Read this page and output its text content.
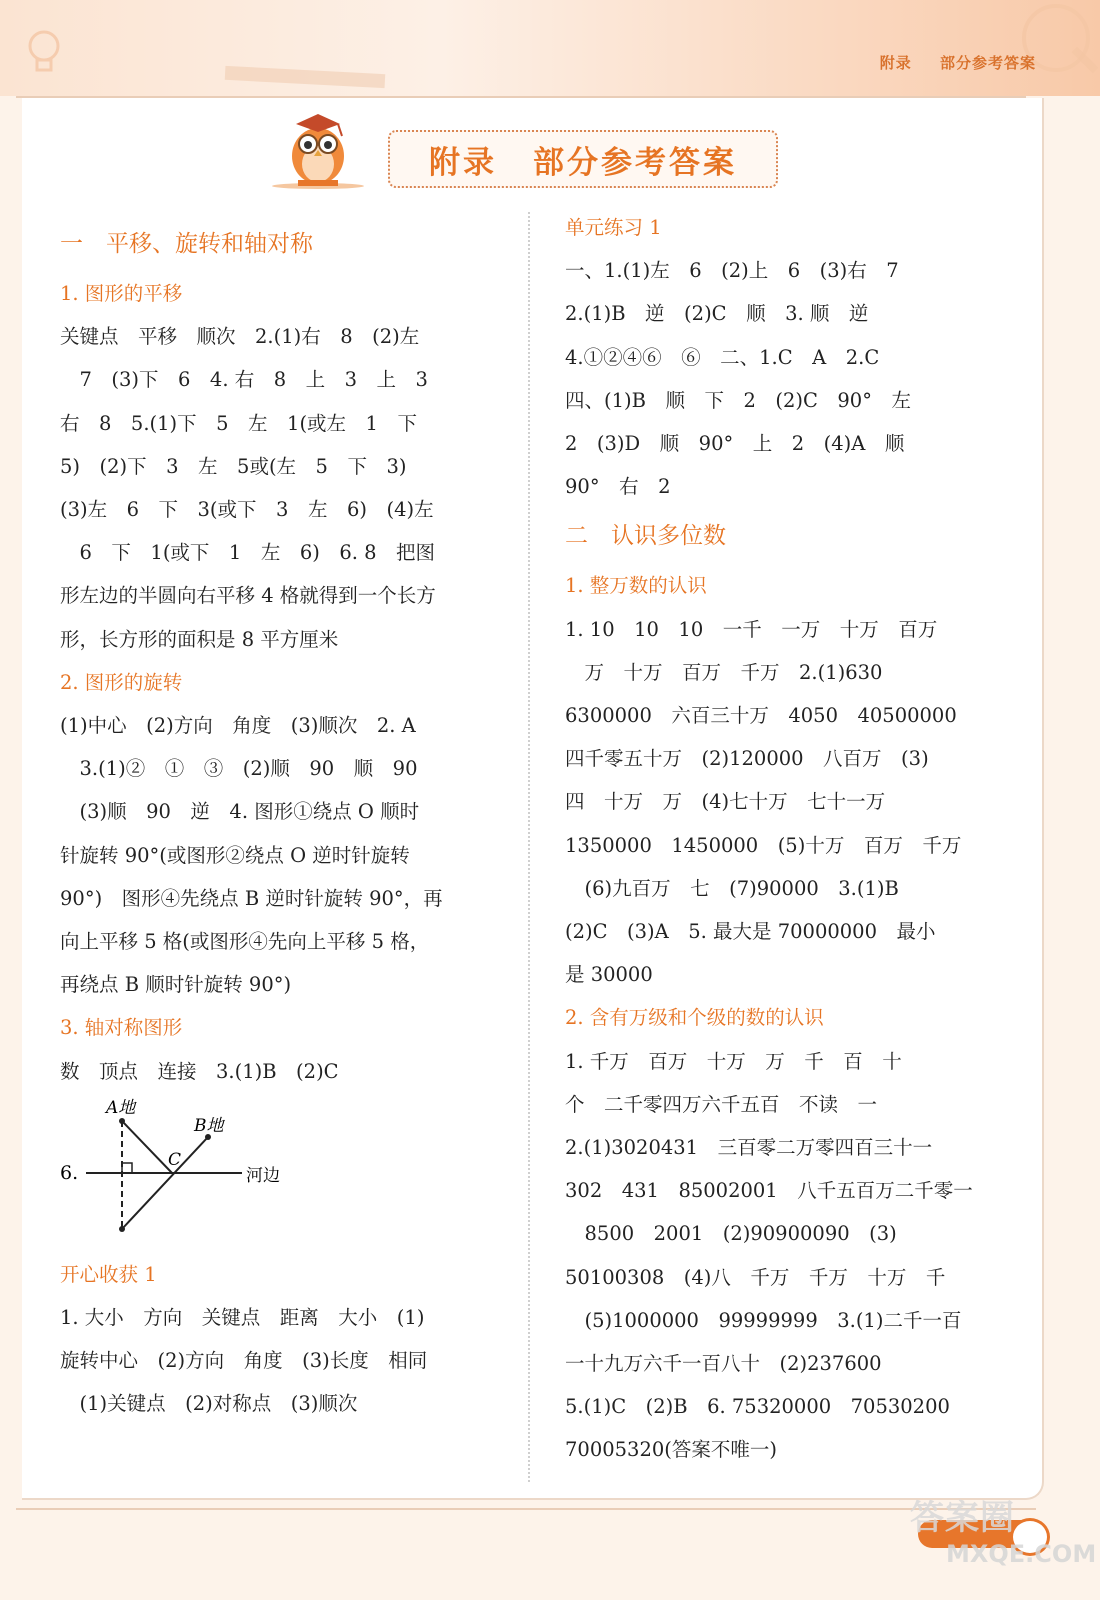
附录 部分参考答案
附录 部分参考答案

一　平移、旋转和轴对称

1. 图形的平移

关键点　平移　顺次　2.(1)右　8　(2)左

　7　(3)下　6　4. 右　8　上　3　上　3

右　8　5.(1)下　5　左　1(或左　1　下

5)　(2)下　3　左　5或(左　5　下　3)

(3)左　6　下　3(或下　3　左　6)　(4)左

　6　下　1(或下　1　左　6)　6. 8　把图

形左边的半圆向右平移 4 格就得到一个长方

形，长方形的面积是 8 平方厘米

2. 图形的旋转

(1)中心　(2)方向　角度　(3)顺次　2. A

　3.(1)②　①　③　(2)顺　90　顺　90

　(3)顺　90　逆　4. 图形①绕点 O 顺时

针旋转 90°(或图形②绕点 O 逆时针旋转

90°)　图形④先绕点 B 逆时针旋转 90°，再

向上平移 5 格(或图形④先向上平移 5 格，

再绕点 B 顺时针旋转 90°)

3. 轴对称图形

数　顶点　连接　3.(1)B　(2)C

6.
A地
B地
C
河边

开心收获 1

1. 大小　方向　关键点　距离　大小　(1)

旋转中心　(2)方向　角度　(3)长度　相同

　(1)关键点　(2)对称点　(3)顺次

单元练习 1

一、1.(1)左　6　(2)上　6　(3)右　7

2.(1)B　逆　(2)C　顺　3. 顺　逆

4.①②④⑥　⑥　二、1.C　A　2.C

四、(1)B　顺　下　2　(2)C　90°　左

2　(3)D　顺　90°　上　2　(4)A　顺

90°　右　2

二　认识多位数

1. 整万数的认识

1. 10　10　10　一千　一万　十万　百万

　万　十万　百万　千万　2.(1)630

6300000　六百三十万　4050　40500000

四千零五十万　(2)120000　八百万　(3)

四　十万　万　(4)七十万　七十一万

1350000　1450000　(5)十万　百万　千万

　(6)九百万　七　(7)90000　3.(1)B

(2)C　(3)A　5. 最大是 70000000　最小

是 30000

2. 含有万级和个级的数的认识

1. 千万　百万　十万　万　千　百　十

个　二千零四万六千五百　不读　一

2.(1)3020431　三百零二万零四百三十一

302　431　85002001　八千五百万二千零一

　8500　2001　(2)90900090　(3)

50100308　(4)八　千万　千万　十万　千

　(5)1000000　99999999　3.(1)二千一百

一十九万六千一百八十　(2)237600

5.(1)C　(2)B　6. 75320000　70530200

70005320(答案不唯一)

答案圈
MXQE.COM
